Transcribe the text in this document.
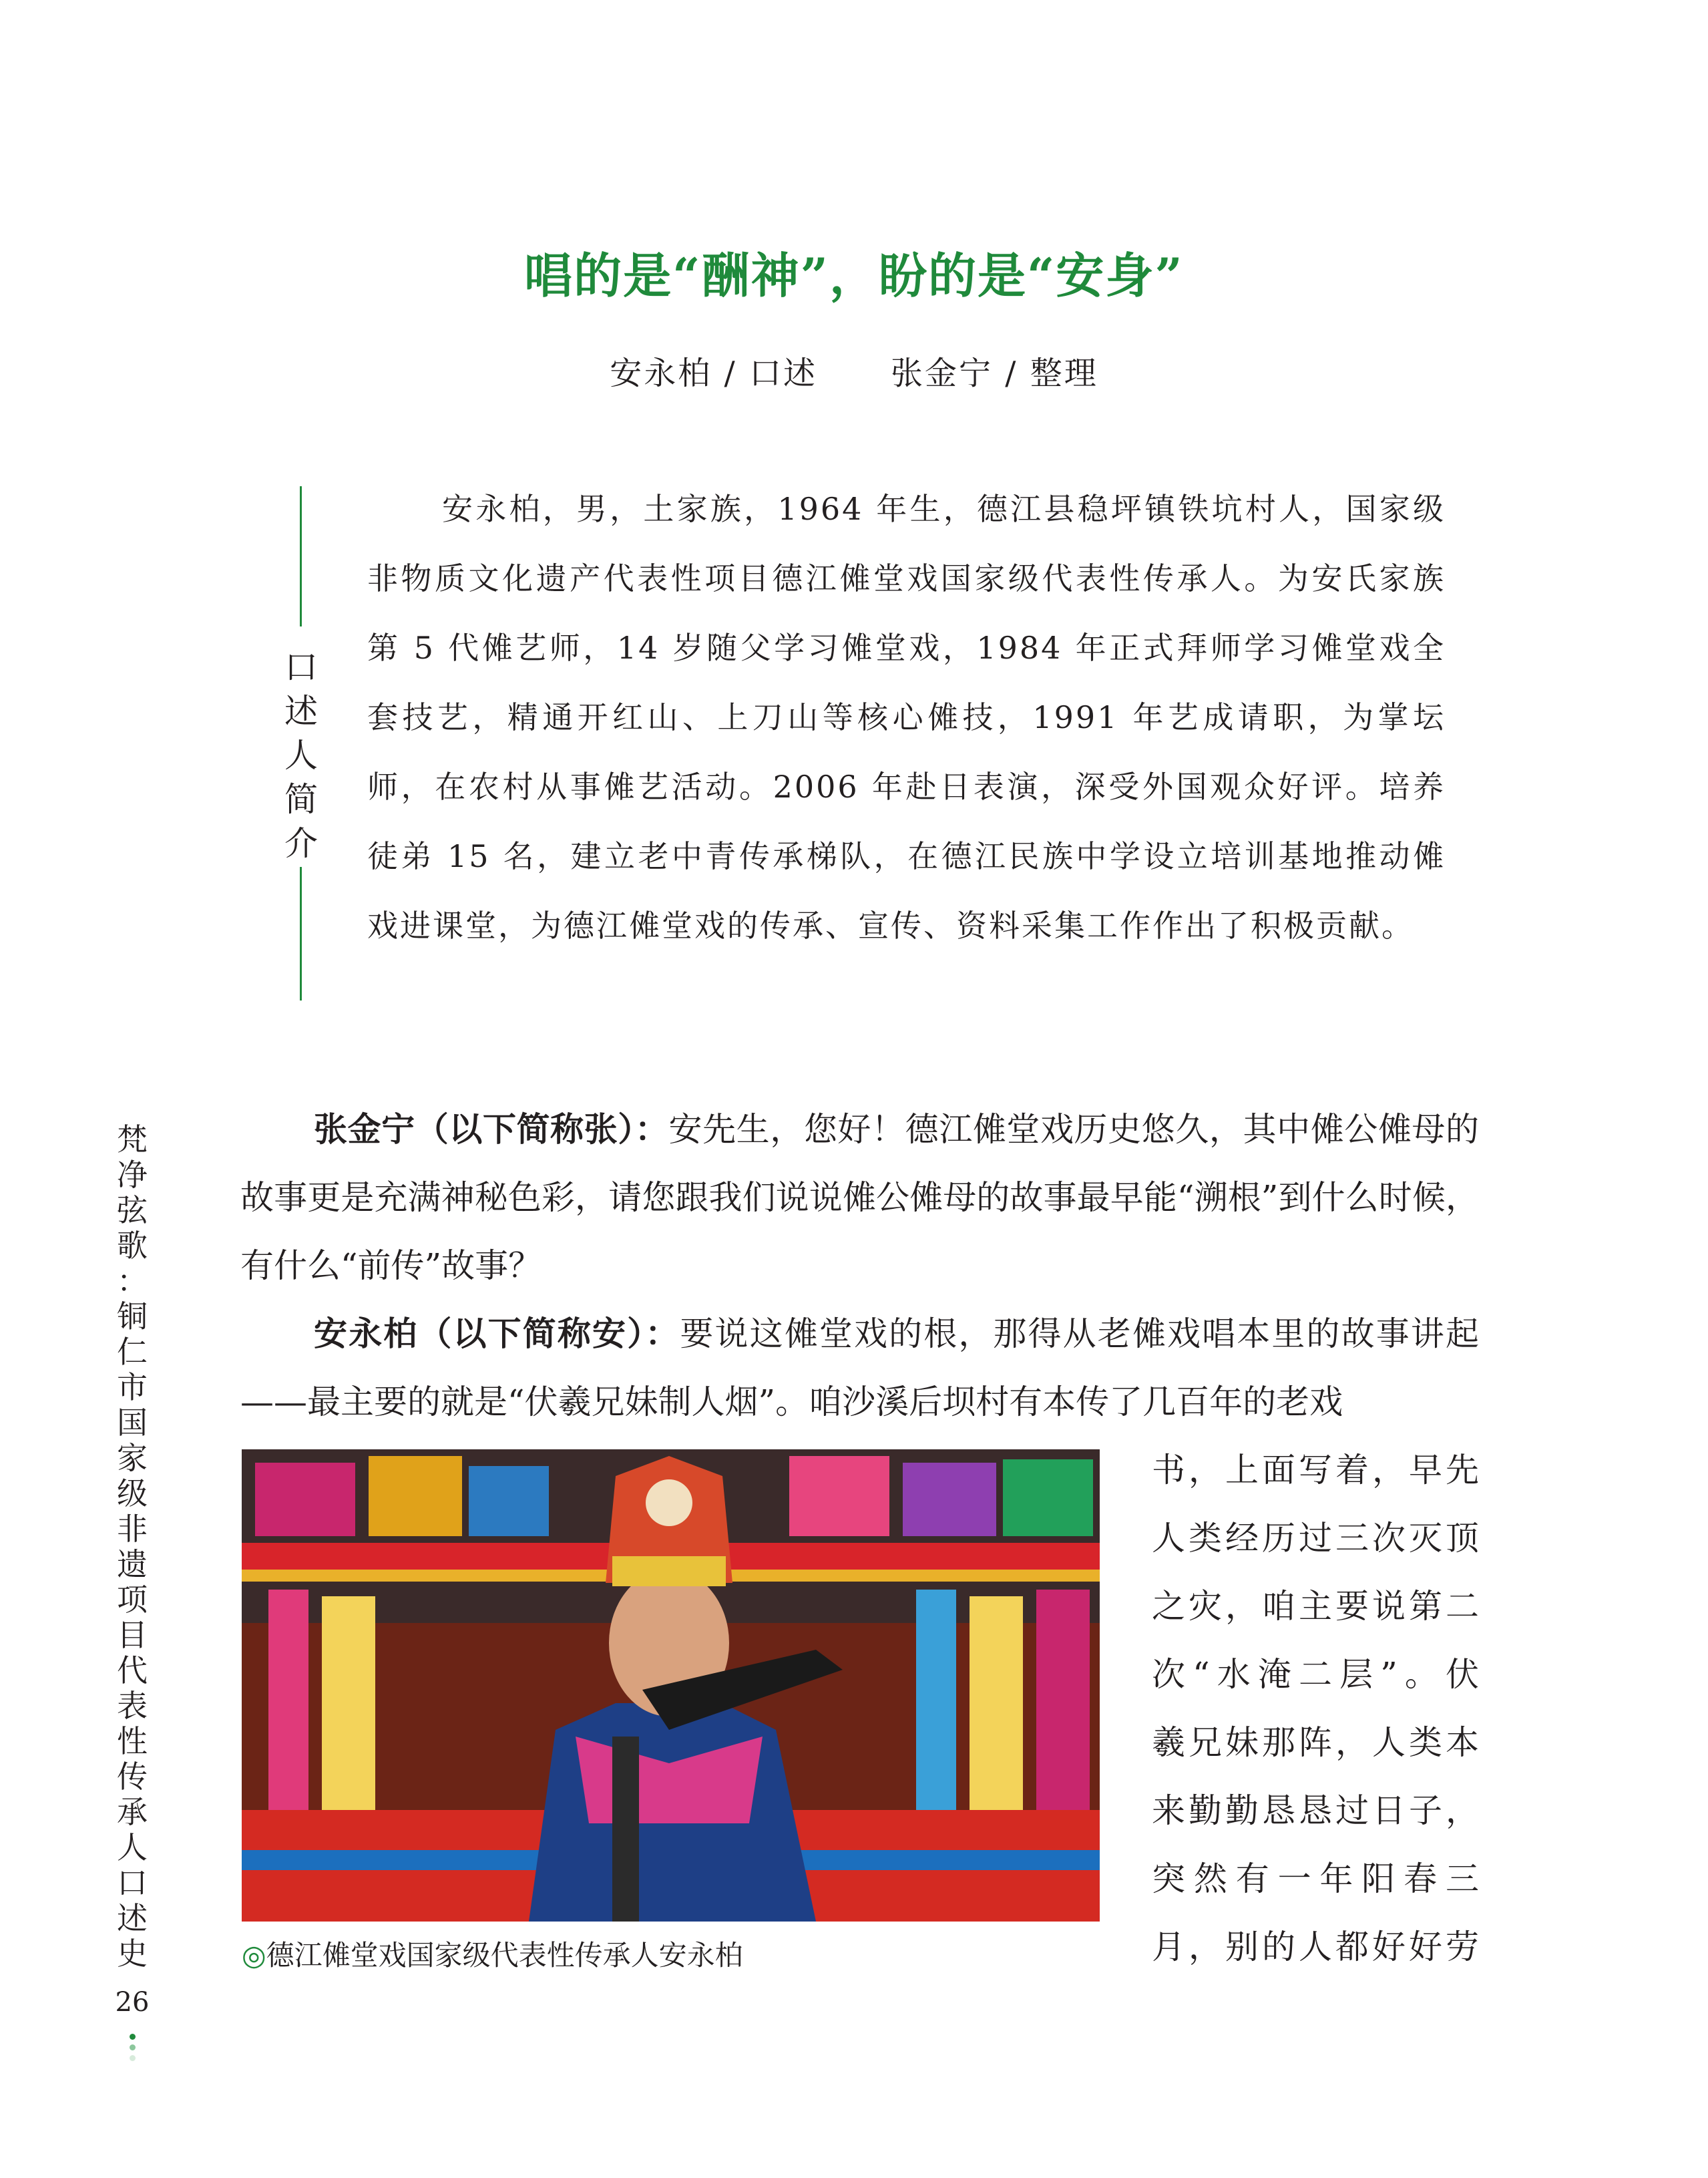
唱的是“酬神”，盼的是“安身”
安永柏 / 口述 张金宁 / 整理
口
述
人
简
介

安永柏，男，土家族，1964 年生，德江县稳坪镇铁坑村人，国家级非物质文化遗产代表性项目德江傩堂戏国家级代表性传承人。为安氏家族第 5 代傩艺师，14 岁随父学习傩堂戏，1984 年正式拜师学习傩堂戏全套技艺，精通开红山、上刀山等核心傩技，1991 年艺成请职，为掌坛师，在农村从事傩艺活动。2006 年赴日表演，深受外国观众好评。培养徒弟 15 名，建立老中青传承梯队，在德江民族中学设立培训基地推动傩戏进课堂，为德江傩堂戏的传承、宣传、资料采集工作作出了积极贡献。

梵
净
弦
歌
：
铜
仁
市
国
家
级
非
遗
项
目
代
表
性
传
承
人
口
述
史
26

张金宁（以下简称张）：安先生，您好！德江傩堂戏历史悠久，其中傩公傩母的故事更是充满神秘色彩，请您跟我们说说傩公傩母的故事最早能“溯根”到什么时候，有什么“前传”故事？

安永柏（以下简称安）：要说这傩堂戏的根，那得从老傩戏唱本里的故事讲起——最主要的就是“伏羲兄妹制人烟”。咱沙溪后坝村有本传了几百年的老戏

◎德江傩堂戏国家级代表性传承人安永柏
书，上面写着，早先
人类经历过三次灭顶
之灾，咱主要说第二
次“水淹二层”。伏
羲兄妹那阵，人类本
来勤勤恳恳过日子，
突然有一年阳春三
月，别的人都好好劳
